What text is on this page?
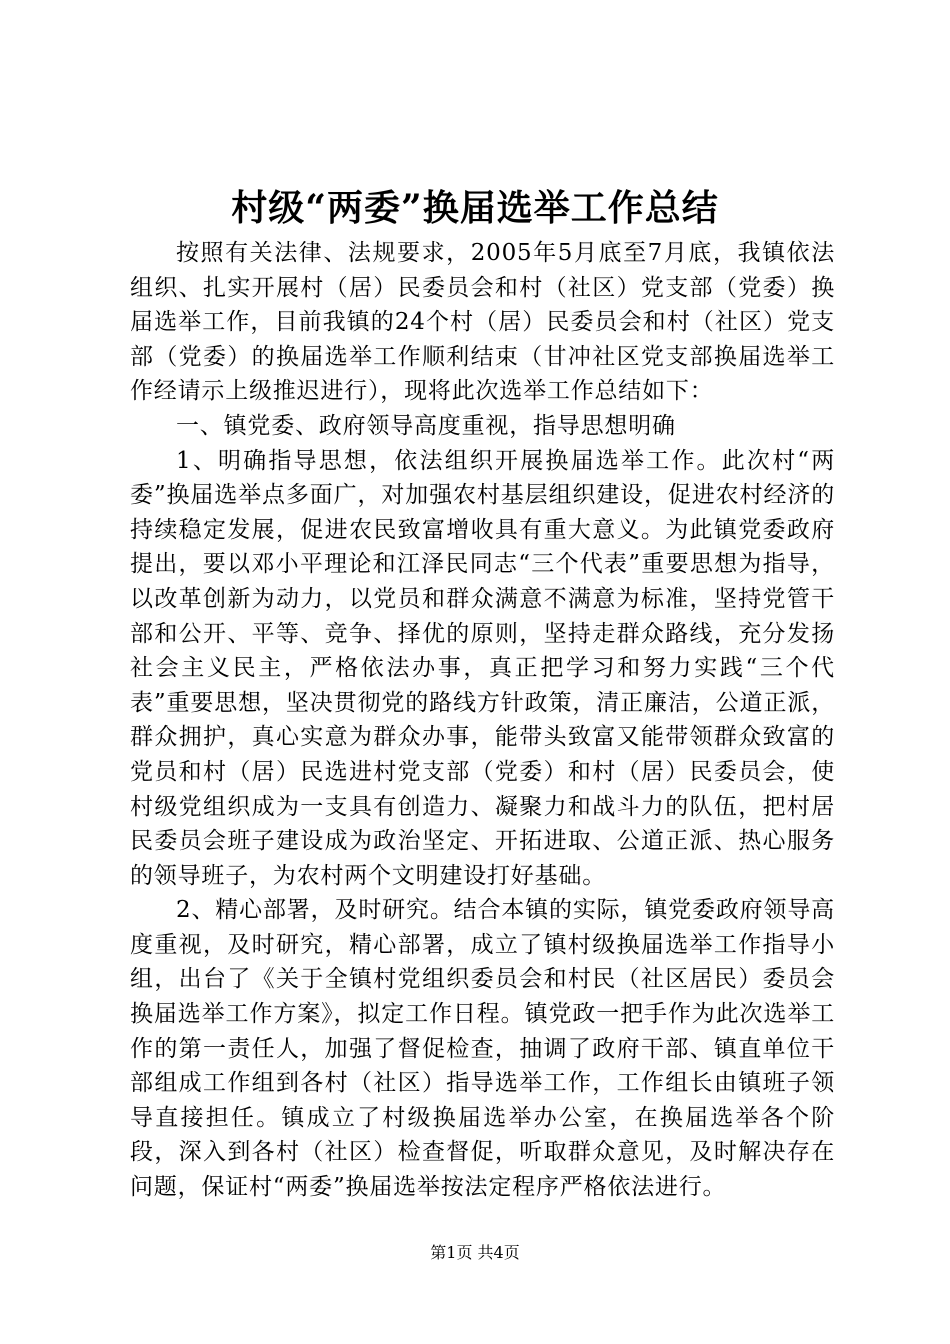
村级“两委”换届选举工作总结

按照有关法律、法规要求，2005年5月底至7月底，我镇依法组织、扎实开展村（居）民委员会和村（社区）党支部（党委）换届选举工作，目前我镇的24个村（居）民委员会和村（社区）党支部（党委）的换届选举工作顺利结束（甘冲社区党支部换届选举工作经请示上级推迟进行），现将此次选举工作总结如下：

一、镇党委、政府领导高度重视，指导思想明确

1、明确指导思想，依法组织开展换届选举工作。此次村“两委”换届选举点多面广，对加强农村基层组织建设，促进农村经济的持续稳定发展，促进农民致富增收具有重大意义。为此镇党委政府提出，要以邓小平理论和江泽民同志“三个代表”重要思想为指导，以改革创新为动力，以党员和群众满意不满意为标准，坚持党管干部和公开、平等、竞争、择优的原则，坚持走群众路线，充分发扬社会主义民主，严格依法办事，真正把学习和努力实践“三个代表”重要思想，坚决贯彻党的路线方针政策，清正廉洁，公道正派，群众拥护，真心实意为群众办事，能带头致富又能带领群众致富的党员和村（居）民选进村党支部（党委）和村（居）民委员会，使村级党组织成为一支具有创造力、凝聚力和战斗力的队伍，把村居民委员会班子建设成为政治坚定、开拓进取、公道正派、热心服务的领导班子，为农村两个文明建设打好基础。

2、精心部署，及时研究。结合本镇的实际，镇党委政府领导高度重视，及时研究，精心部署，成立了镇村级换届选举工作指导小组，出台了《关于全镇村党组织委员会和村民（社区居民）委员会换届选举工作方案》，拟定工作日程。镇党政一把手作为此次选举工作的第一责任人，加强了督促检查，抽调了政府干部、镇直单位干部组成工作组到各村（社区）指导选举工作，工作组长由镇班子领导直接担任。镇成立了村级换届选举办公室，在换届选举各个阶段，深入到各村（社区）检查督促，听取群众意见，及时解决存在问题，保证村“两委”换届选举按法定程序严格依法进行。

第1页 共4页
